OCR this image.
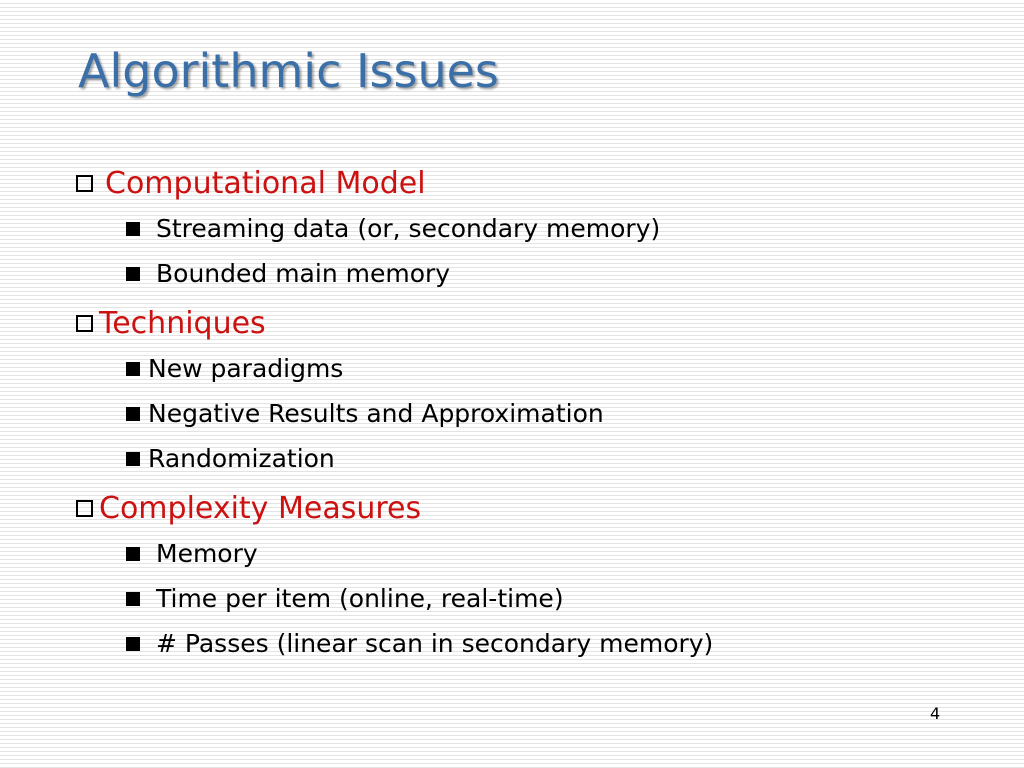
Algorithmic Issues
Computational Model
Streaming data (or, secondary memory)
Bounded main memory
Techniques
New paradigms
Negative Results and Approximation
Randomization
Complexity Measures
Memory
Time per item (online, real-time)
# Passes (linear scan in secondary memory)
4
